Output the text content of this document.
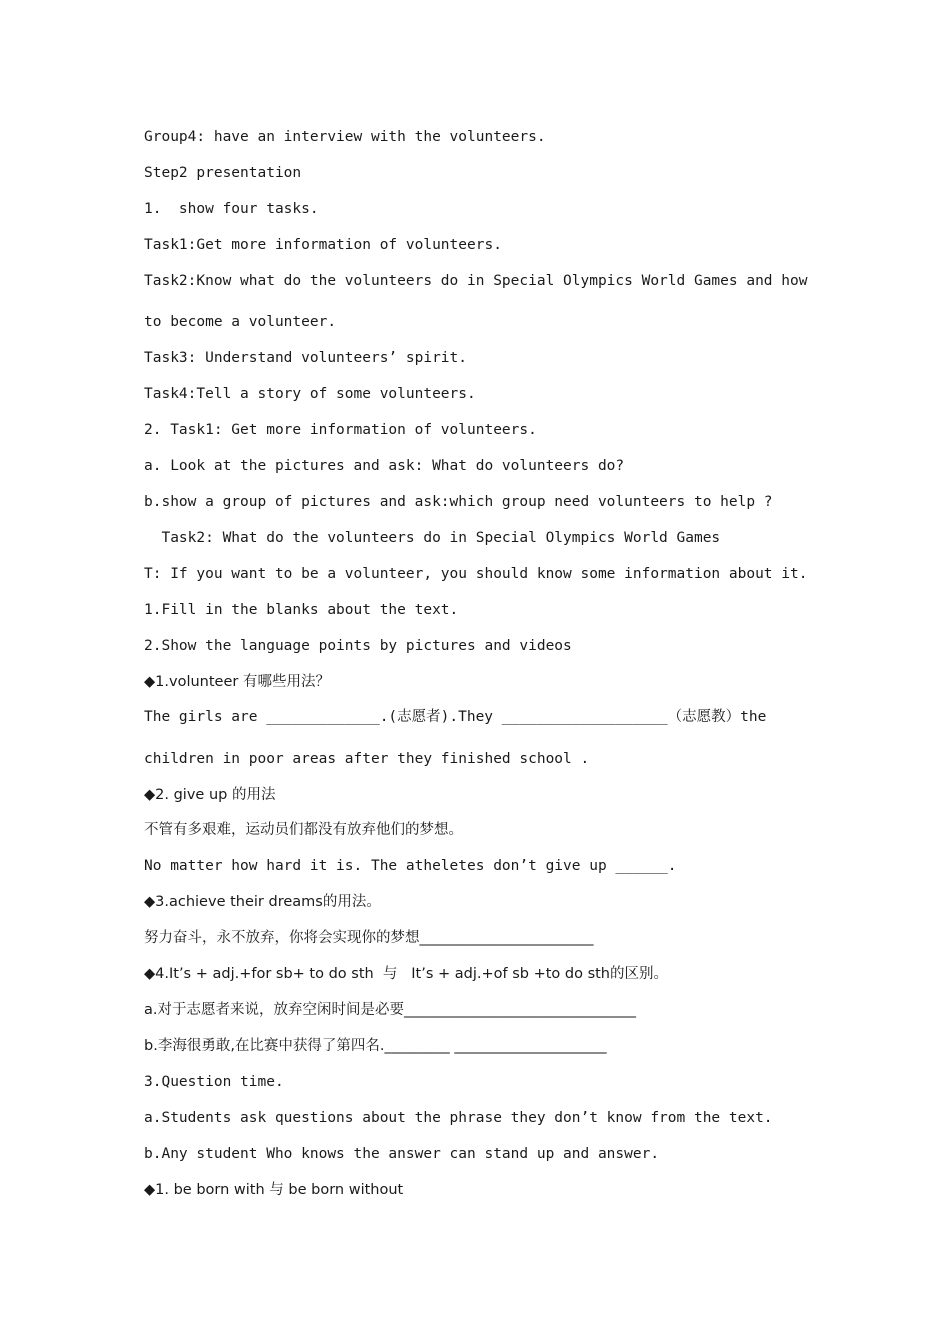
Group4: have an interview with the volunteers.
Step2 presentation
1.  show four tasks.
Task1:Get more information of volunteers.
Task2:Know what do the volunteers do in Special Olympics World Games and how
to become a volunteer.
Task3: Understand volunteers’ spirit.
Task4:Tell a story of some volunteers.
2. Task1: Get more information of volunteers.
a. Look at the pictures and ask: What do volunteers do?
b.show a group of pictures and ask:which group need volunteers to help ?
Task2: What do the volunteers do in Special Olympics World Games
T: If you want to be a volunteer, you should know some information about it.
1.Fill in the blanks about the text.
2.Show the language points by pictures and videos
◆1.volunteer 有哪些用法？
The girls are _____________.(志愿者).They ___________________（志愿教）the
children in poor areas after they finished school .
◆2. give up 的用法
不管有多艰难，运动员们都没有放弃他们的梦想。
No matter how hard it is. The atheletes don’t give up ______.
◆3.achieve their dreams的用法。
努力奋斗，永不放弃，你将会实现你的梦想________________________
◆4.It’s + adj.+for sb+ to do sth  与   It’s + adj.+of sb +to do sth的区别。
a.对于志愿者来说，放弃空闲时间是必要________________________________
b.李海很勇敢,在比赛中获得了第四名._________ _____________________
3.Question time.
a.Students ask questions about the phrase they don’t know from the text.
b.Any student Who knows the answer can stand up and answer.
◆1. be born with 与 be born without
